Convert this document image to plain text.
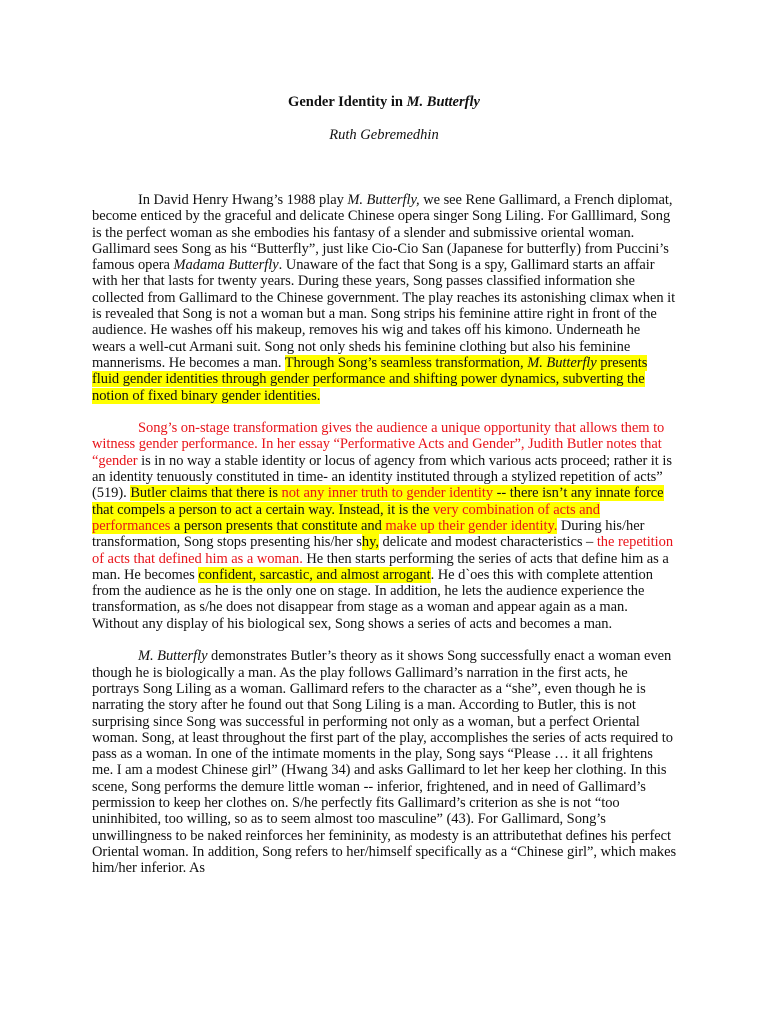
Gender Identity in M. Butterfly

Ruth Gebremedhin

In David Henry Hwang’s 1988 play M. Butterfly, we see Rene Gallimard, a French diplomat, become enticed by the graceful and delicate Chinese opera singer Song Liling. For Galllimard, Song is the perfect woman as she embodies his fantasy of a slender and submissive oriental woman. Gallimard sees Song as his “Butterfly”, just like Cio-Cio San (Japanese for butterfly) from Puccini’s famous opera Madama Butterfly. Unaware of the fact that Song is a spy, Gallimard starts an affair with her that lasts for twenty years. During these years, Song passes classified information she collected from Gallimard to the Chinese government. The play reaches its astonishing climax when it is revealed that Song is not a woman but a man. Song strips his feminine attire right in front of the audience. He washes off his makeup, removes his wig and takes off his kimono. Underneath he wears a well-cut Armani suit. Song not only sheds his feminine clothing but also his feminine mannerisms. He becomes a man. Through Song’s seamless transformation, M. Butterfly presents fluid gender identities through gender performance and shifting power dynamics, subverting the notion of fixed binary gender identities.

Song’s on-stage transformation gives the audience a unique opportunity that allows them to witness gender performance. In her essay “Performative Acts and Gender”, Judith Butler notes that “gender is in no way a stable identity or locus of agency from which various acts proceed; rather it is an identity tenuously constituted in time- an identity instituted through a stylized repetition of acts” (519). Butler claims that there is not any inner truth to gender identity -- there isn’t any innate force that compels a person to act a certain way. Instead, it is the very combination of acts and performances a person presents that constitute and make up their gender identity. During his/her transformation, Song stops presenting his/her shy, delicate and modest characteristics – the repetition of acts that defined him as a woman. He then starts performing the series of acts that define him as a man. He becomes confident, sarcastic, and almost arrogant. He d`oes this with complete attention from the audience as he is the only one on stage. In addition, he lets the audience experience the transformation, as s/he does not disappear from stage as a woman and appear again as a man. Without any display of his biological sex, Song shows a series of acts and becomes a man.

M. Butterfly demonstrates Butler’s theory as it shows Song successfully enact a woman even though he is biologically a man. As the play follows Gallimard’s narration in the first acts, he portrays Song Liling as a woman. Gallimard refers to the character as a “she”, even though he is narrating the story after he found out that Song Liling is a man. According to Butler, this is not surprising since Song was successful in performing not only as a woman, but a perfect Oriental woman. Song, at least throughout the first part of the play, accomplishes the series of acts required to pass as a woman. In one of the intimate moments in the play, Song says “Please … it all frightens me. I am a modest Chinese girl” (Hwang 34) and asks Gallimard to let her keep her clothing. In this scene, Song performs the demure little woman -- inferior, frightened, and in need of Gallimard’s permission to keep her clothes on. S/he perfectly fits Gallimard’s criterion as she is not “too uninhibited, too willing, so as to seem almost too masculine” (43). For Gallimard, Song’s unwillingness to be naked reinforces her femininity, as modesty is an attributethat defines his perfect Oriental woman. In addition, Song refers to her/himself specifically as a “Chinese girl”, which makes him/her inferior. As
